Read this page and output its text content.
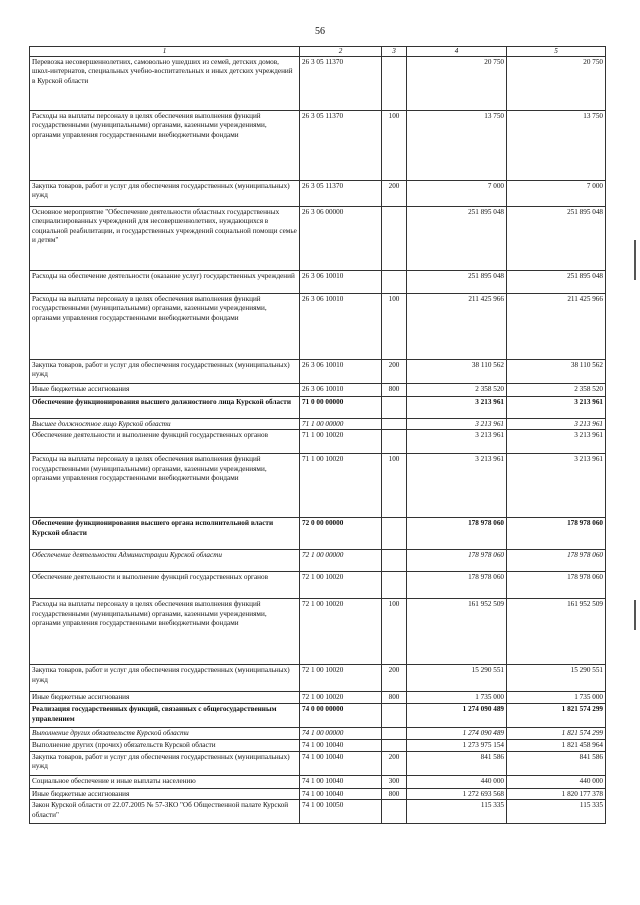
56
1	2	3	4	5
Перевозка несовершеннолетних, самовольно ушедших из семей, детских домов, школ-интернатов, специальных учебно-воспитательных и иных детских учреждений в Курской области	26 3 05 11370		20 750	20 750
Расходы на выплаты персоналу в целях обеспечения выполнения функций государственными (муниципальными) органами, казенными учреждениями, органами управления государственными внебюджетными фондами	26 3 05 11370	100	13 750	13 750
Закупка товаров, работ и услуг для обеспечения государственных (муниципальных) нужд	26 3 05 11370	200	7 000	7 000
Основное мероприятие "Обеспечение деятельности областных государственных специализированных учреждений для несовершеннолетних, нуждающихся в социальной реабилитации, и государственных учреждений социальной помощи семье и детям"	26 3 06 00000		251 895 048	251 895 048
Расходы на обеспечение деятельности (оказание услуг) государственных учреждений	26 3 06 10010		251 895 048	251 895 048
Расходы на выплаты персоналу в целях обеспечения выполнения функций государственными (муниципальными) органами, казенными учреждениями, органами управления государственными внебюджетными фондами	26 3 06 10010	100	211 425 966	211 425 966
Закупка товаров, работ и услуг для обеспечения государственных (муниципальных) нужд	26 3 06 10010	200	38 110 562	38 110 562
Иные бюджетные ассигнования	26 3 06 10010	800	2 358 520	2 358 520
Обеспечение функционирования высшего должностного лица Курской области	71 0 00 00000		3 213 961	3 213 961
Высшее должностное лицо Курской области	71 1 00 00000		3 213 961	3 213 961
Обеспечение деятельности и выполнение функций государственных органов	71 1 00 10020		3 213 961	3 213 961
Расходы на выплаты персоналу в целях обеспечения выполнения функций государственными (муниципальными) органами, казенными учреждениями, органами управления государственными внебюджетными фондами	71 1 00 10020	100	3 213 961	3 213 961
Обеспечение функционирования высшего органа исполнительной власти Курской области	72 0 00 00000		178 978 060	178 978 060
Обеспечение деятельности Администрации Курской области	72 1 00 00000		178 978 060	178 978 060
Обеспечение деятельности и выполнение функций государственных органов	72 1 00 10020		178 978 060	178 978 060
Расходы на выплаты персоналу в целях обеспечения выполнения функций государственными (муниципальными) органами, казенными учреждениями, органами управления государственными внебюджетными фондами	72 1 00 10020	100	161 952 509	161 952 509
Закупка товаров, работ и услуг для обеспечения государственных (муниципальных) нужд	72 1 00 10020	200	15 290 551	15 290 551
Иные бюджетные ассигнования	72 1 00 10020	800	1 735 000	1 735 000
Реализация государственных функций, связанных с общегосударственным управлением	74 0 00 00000		1 274 090 489	1 821 574 299
Выполнение других обязательств Курской области	74 1 00 00000		1 274 090 489	1 821 574 299
Выполнение других (прочих) обязательств Курской области	74 1 00 10040		1 273 975 154	1 821 458 964
Закупка товаров, работ и услуг для обеспечения государственных (муниципальных) нужд	74 1 00 10040	200	841 586	841 586
Социальное обеспечение и иные выплаты населению	74 1 00 10040	300	440 000	440 000
Иные бюджетные ассигнования	74 1 00 10040	800	1 272 693 568	1 820 177 378
Закон Курской области от 22.07.2005 № 57-ЗКО "Об Общественной палате Курской области"	74 1 00 10050		115 335	115 335
